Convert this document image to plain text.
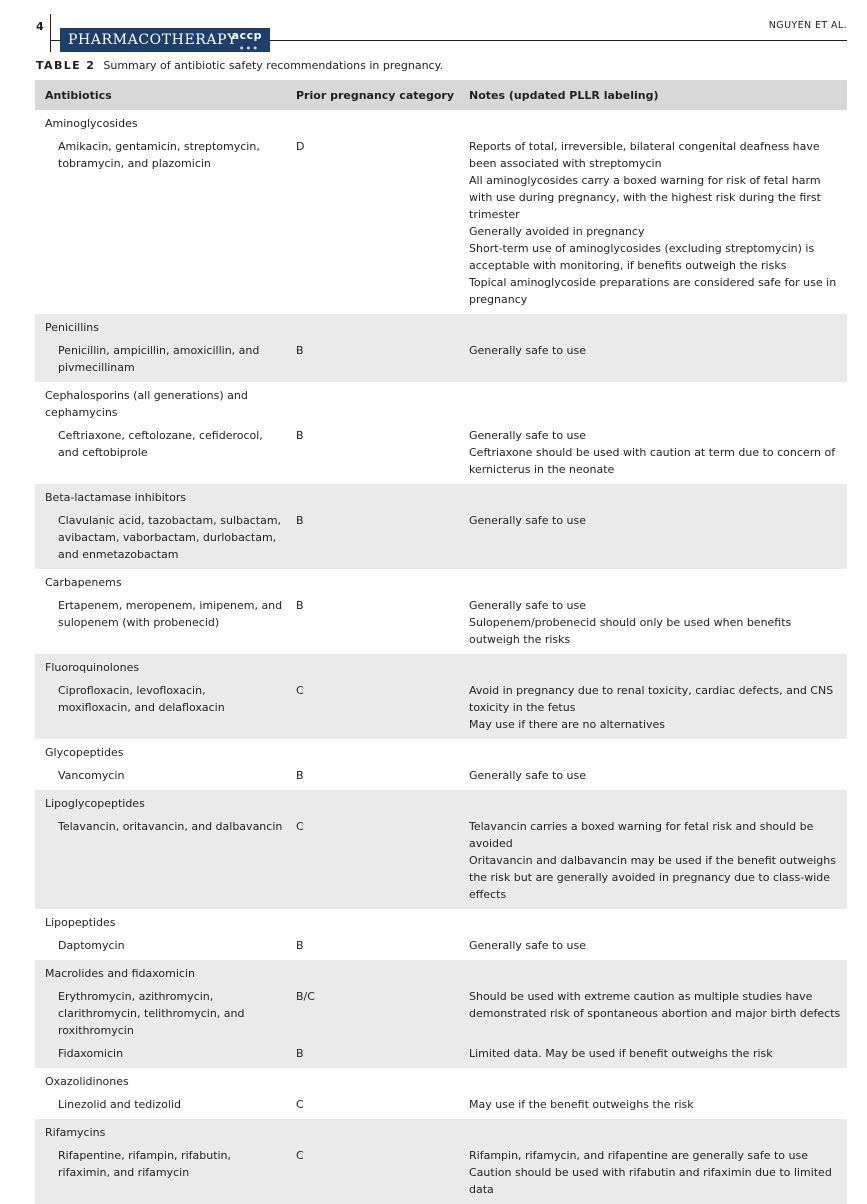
4
PHARMACOTHERAPY
accp
● ● ●
NGUYEN ET AL.
TABLE 2 Summary of antibiotic safety recommendations in pregnancy.
Antibiotics	Prior pregnancy category Notes (updated PLLR labeling)
Aminoglycosides
Amikacin, gentamicin, streptomycin,
tobramycin, and plazomicin
D	Reports of total, irreversible, bilateral congenital deafness have
been associated with streptomycin
All aminoglycosides carry a boxed warning for risk of fetal harm
with use during pregnancy, with the highest risk during the first
trimester
Generally avoided in pregnancy
Short-term use of aminoglycosides (excluding streptomycin) is
acceptable with monitoring, if benefits outweigh the risks
Topical aminoglycoside preparations are considered safe for use in
pregnancy
Penicillins
Penicillin, ampicillin, amoxicillin, and
pivmecillinam
B	Generally safe to use
Cephalosporins (all generations) and
cephamycins
Ceftriaxone, ceftolozane, cefiderocol,
and ceftobiprole
B	Generally safe to use
Ceftriaxone should be used with caution at term due to concern of
kernicterus in the neonate
Beta-lactamase inhibitors
Clavulanic acid, tazobactam, sulbactam,
avibactam, vaborbactam, durlobactam,
and enmetazobactam
B	Generally safe to use
Carbapenems
Ertapenem, meropenem, imipenem, and
sulopenem (with probenecid)
B	Generally safe to use
Sulopenem/probenecid should only be used when benefits
outweigh the risks
Fluoroquinolones
Ciprofloxacin, levofloxacin,
moxifloxacin, and delafloxacin
C	Avoid in pregnancy due to renal toxicity, cardiac defects, and CNS
toxicity in the fetus
May use if there are no alternatives
Glycopeptides
Vancomycin	B	Generally safe to use
Lipoglycopeptides
Telavancin, oritavancin, and dalbavancin C	Telavancin carries a boxed warning for fetal risk and should be
avoided
Oritavancin and dalbavancin may be used if the benefit outweighs
the risk but are generally avoided in pregnancy due to class-wide
effects
Lipopeptides
Daptomycin	B	Generally safe to use
Macrolides and fidaxomicin
Erythromycin, azithromycin,
clarithromycin, telithromycin, and
roxithromycin
B/C	Should be used with extreme caution as multiple studies have
demonstrated risk of spontaneous abortion and major birth defects
Fidaxomicin	B	Limited data. May be used if benefit outweighs the risk
Oxazolidinones
Linezolid and tedizolid	C	May use if the benefit outweighs the risk
Rifamycins
Rifapentine, rifampin, rifabutin,
rifaximin, and rifamycin
C	Rifampin, rifamycin, and rifapentine are generally safe to use
Caution should be used with rifabutin and rifaximin due to limited
data
